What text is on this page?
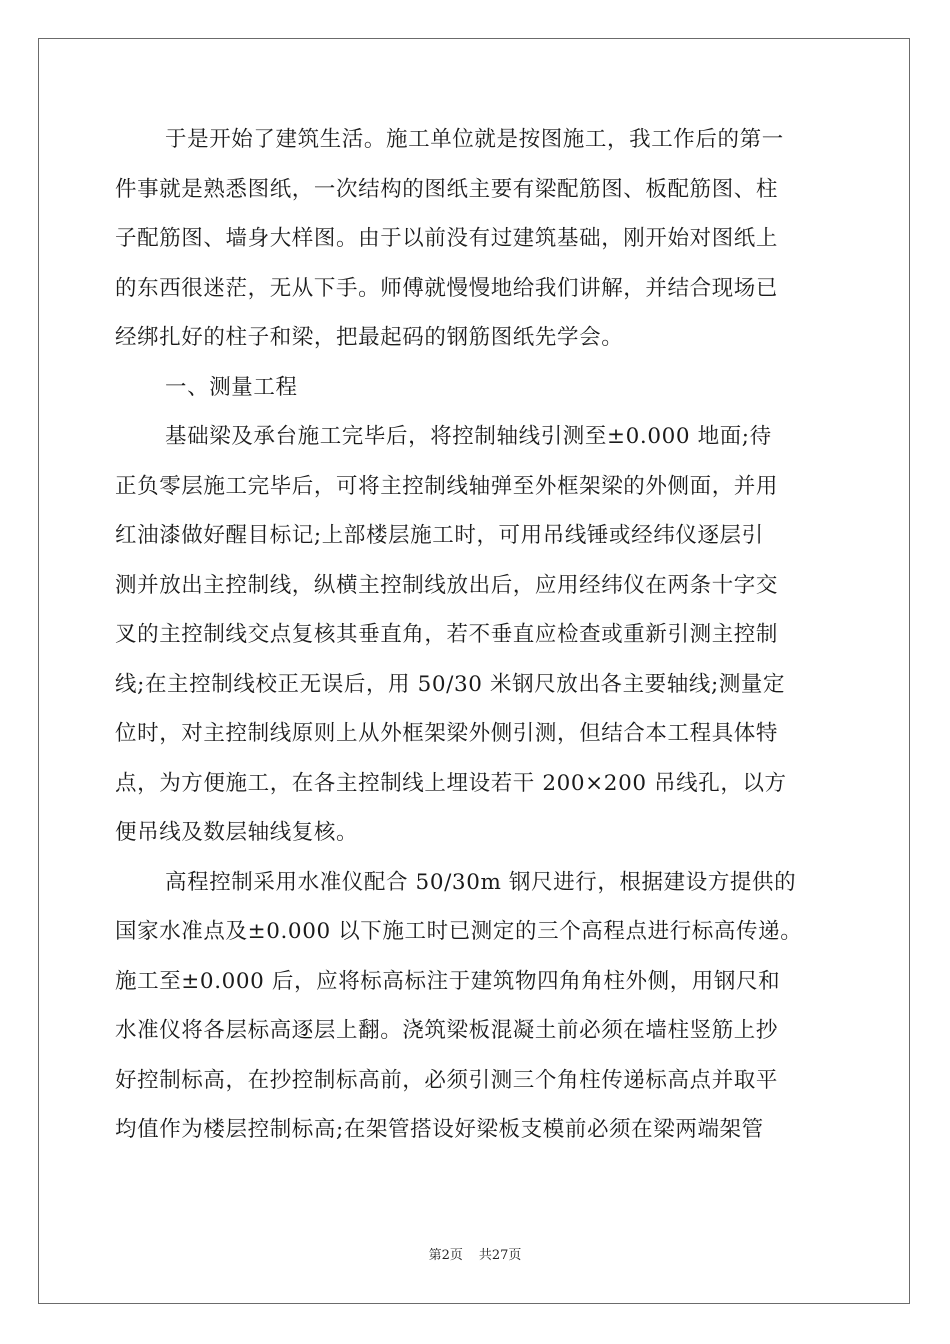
于是开始了建筑生活。施工单位就是按图施工，我工作后的第一
件事就是熟悉图纸，一次结构的图纸主要有梁配筋图、板配筋图、柱
子配筋图、墙身大样图。由于以前没有过建筑基础，刚开始对图纸上
的东西很迷茫，无从下手。师傅就慢慢地给我们讲解，并结合现场已
经绑扎好的柱子和梁，把最起码的钢筋图纸先学会。
一、测量工程
基础梁及承台施工完毕后，将控制轴线引测至±0.000 地面;待
正负零层施工完毕后，可将主控制线轴弹至外框架梁的外侧面，并用
红油漆做好醒目标记;上部楼层施工时，可用吊线锤或经纬仪逐层引
测并放出主控制线，纵横主控制线放出后，应用经纬仪在两条十字交
叉的主控制线交点复核其垂直角，若不垂直应检查或重新引测主控制
线;在主控制线校正无误后，用 50/30 米钢尺放出各主要轴线;测量定
位时，对主控制线原则上从外框架梁外侧引测，但结合本工程具体特
点，为方便施工，在各主控制线上埋设若干 200×200 吊线孔，以方
便吊线及数层轴线复核。
高程控制采用水准仪配合 50/30m 钢尺进行，根据建设方提供的
国家水准点及±0.000 以下施工时已测定的三个高程点进行标高传递。
施工至±0.000 后，应将标高标注于建筑物四角角柱外侧，用钢尺和
水准仪将各层标高逐层上翻。浇筑梁板混凝土前必须在墙柱竖筋上抄
好控制标高，在抄控制标高前，必须引测三个角柱传递标高点并取平
均值作为楼层控制标高;在架管搭设好梁板支模前必须在梁两端架管
第2页 共27页
